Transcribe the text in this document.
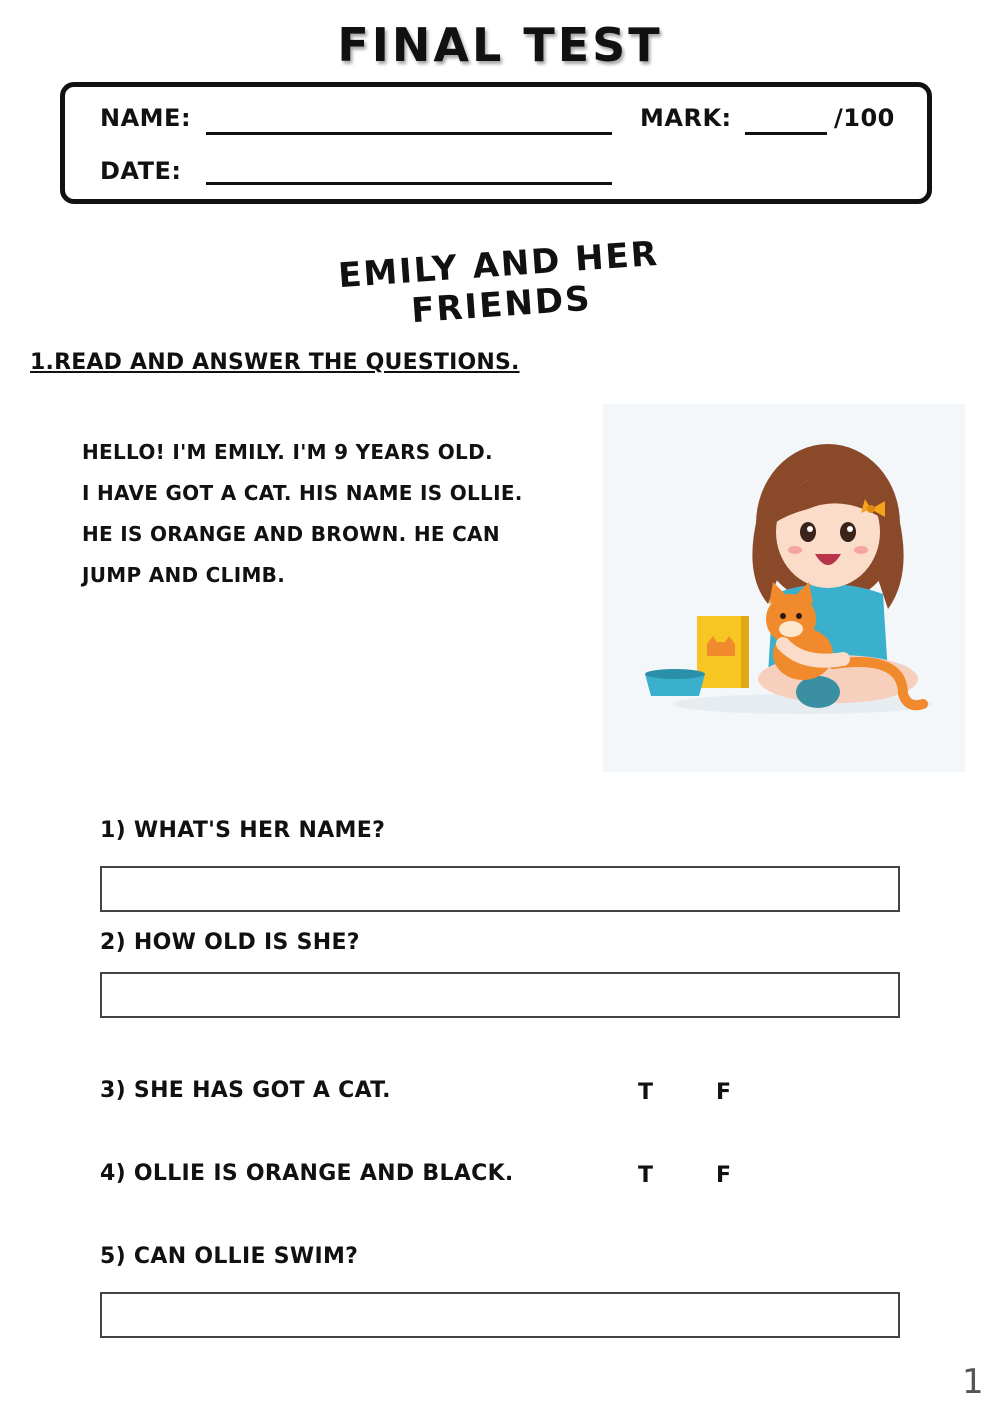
FINAL TEST
NAME:	MARK:	/100
DATE:
EMILY AND HER FRIENDS
1.READ AND ANSWER THE QUESTIONS.
HELLO! I'M EMILY. I'M 9 YEARS OLD.
I HAVE GOT A CAT. HIS NAME IS OLLIE.
HE IS ORANGE AND BROWN. HE CAN
JUMP AND CLIMB.
1) WHAT'S HER NAME?
2) HOW OLD IS SHE?
3) SHE HAS GOT A CAT.	T	F
4) OLLIE IS ORANGE AND BLACK.	T	F
5) CAN OLLIE SWIM?
1
